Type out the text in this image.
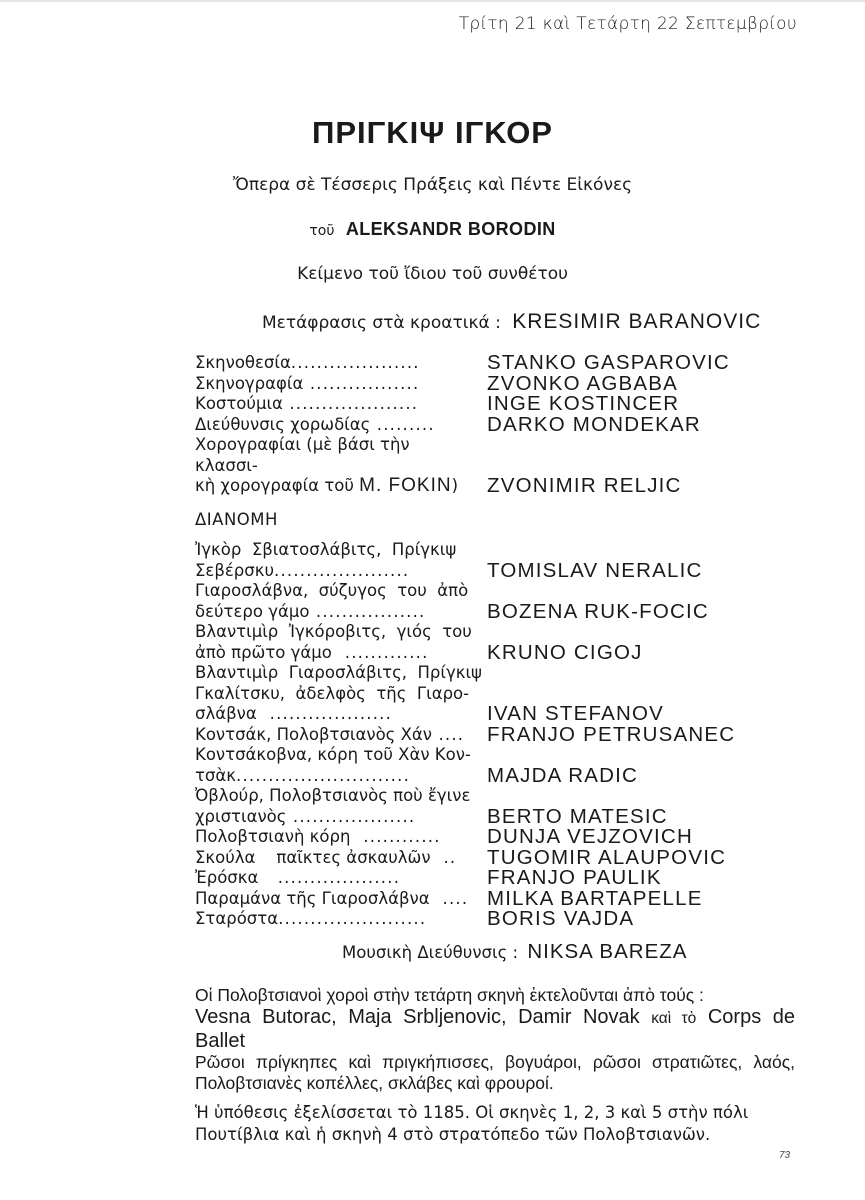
Τρίτη 21 καὶ Τετάρτη 22 Σεπτεμβρίου
ΠΡΙΓΚΙΨ ΙΓΚΟΡ
Ὄπερα σὲ Τέσσερις Πράξεις καὶ Πέντε Εἰκόνες
τοῦ ALEKSANDR BORODIN
Κείμενο τοῦ ἴδιου τοῦ συνθέτου
Μετάφρασις στὰ κροατικά : KRESIMIR BARANOVIC
Σκηνοθεσία....................	STANKO GASPAROVIC
Σκηνογραφία .................	ZVONKO AGBABA
Κοστούμια ....................	INGE KOSTINCER
Διεύθυνσις χορωδίας .........	DARKO MONDEKAR
Χορογραφίαι (μὲ βάσι τὴν κλασσι-
κὴ χορογραφία τοῦ M. FOKIN)	ZVONIMIR RELJIC
ΔΙΑΝΟΜΗ
Ἰγκὸρ  Σβιατοσλάβιτς,  Πρίγκιψ
Σεβέρσκυ.....................	TOMISLAV NERALIC
Γιαροσλάβνα,  σύζυγος  του  ἀπὸ
δεύτερο γάμο .................	BOZENA RUK-FOCIC
Βλαντιμὶρ  Ἰγκόροβιτς,  γιός  του
ἀπὸ πρῶτο γάμο  .............	KRUNO CIGOJ
Βλαντιμὶρ  Γιαροσλάβιτς,  Πρίγκιψ
Γκαλίτσκυ,  ἀδελφὸς  τῆς  Γιαρο-
σλάβνα  ...................	IVAN STEFANOV
Κοντσάκ, Πολοβτσιανὸς Χάν ....	FRANJO PETRUSANEC
Κοντσάκοβνα, κόρη τοῦ Χὰν Κον-
τσὰκ...........................	MAJDA RADIC
Ὀβλούρ, Πολοβτσιανὸς ποὺ ἔγινε
χριστιανὸς ...................	BERTO MATESIC
Πολοβτσιανὴ κόρη  ............	DUNJA VEJZOVICH
Σκούλα    παῖκτες ἀσκαυλῶν  ..	TUGOMIR ALAUPOVIC
Ἐρόσκα   ...................	FRANJO PAULIK
Παραμάνα τῆς Γιαροσλάβνα  .... MILKA BARTAPELLE
Σταρόστα.......................	BORIS VAJDA
Μουσικὴ Διεύθυνσις : NIKSA BAREZA
Οἱ Πολοβτσιανοὶ χοροὶ στὴν τετάρτη σκηνὴ ἐκτελοῦνται ἀπὸ τούς :
Vesna Butorac, Maja Srbljenovic, Damir Novak καὶ τὸ Corps de Ballet
Ρῶσοι πρίγκηπες καὶ πριγκήπισσες, βογυάροι, ρῶσοι στρατιῶτες, λαός, Πολοβτσιανὲς κοπέλλες, σκλάβες καὶ φρουροί.
Ἡ ὑπόθεσις ἐξελίσσεται τὸ 1185. Οἱ σκηνὲς 1, 2, 3 καὶ 5 στὴν πόλι Πουτίβλια καὶ ἡ σκηνὴ 4 στὸ στρατόπεδο τῶν Πολοβτσιανῶν.
73
